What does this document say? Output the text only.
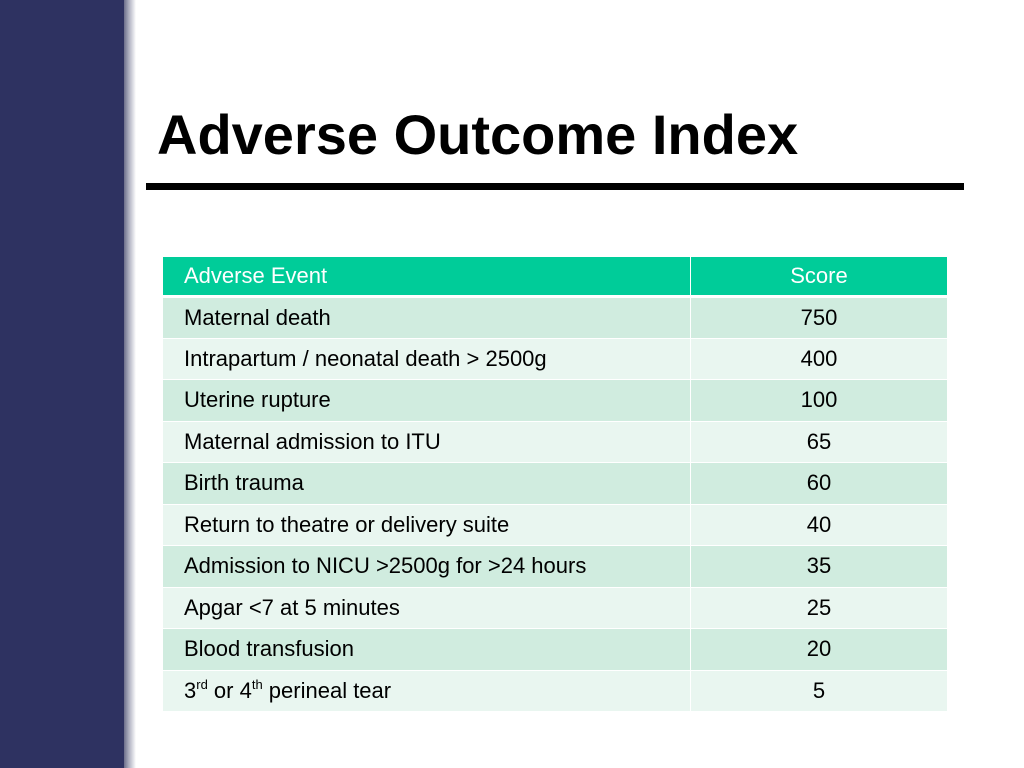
Adverse Outcome Index
Adverse Event	Score
Maternal death	750
Intrapartum / neonatal death > 2500g	400
Uterine rupture	100
Maternal admission to ITU	65
Birth trauma	60
Return to theatre or delivery suite	40
Admission to NICU >2500g for >24 hours	35
Apgar <7 at 5 minutes	25
Blood transfusion	20
3rd or 4th perineal tear	5
